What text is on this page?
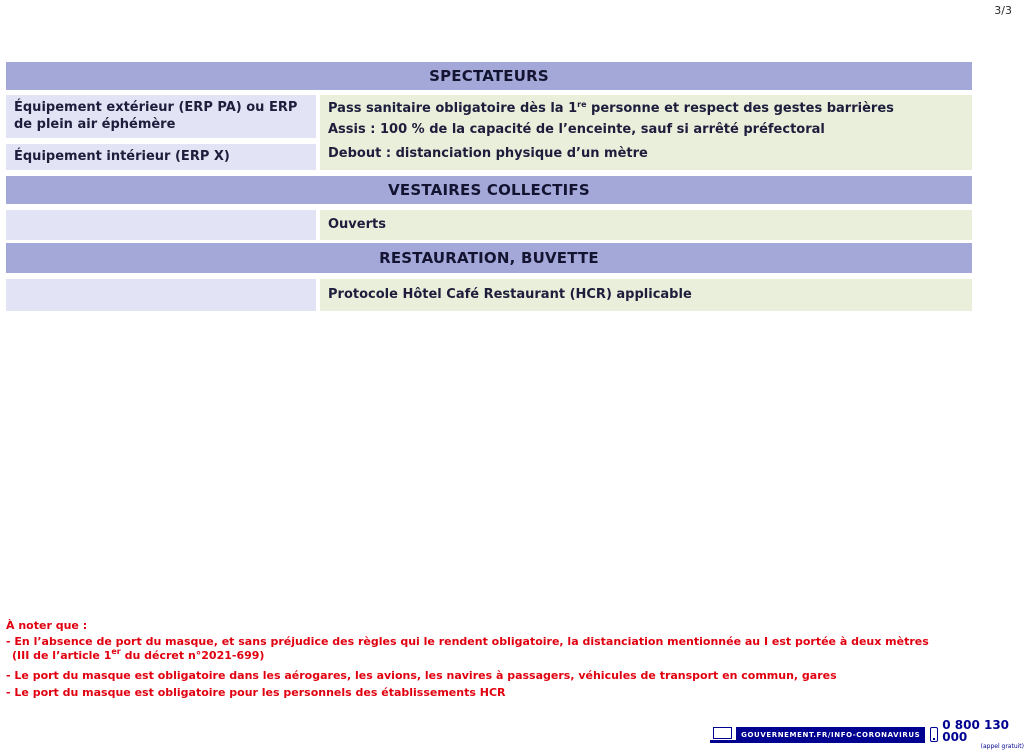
3/3
SPECTATEURS
Équipement extérieur (ERP PA) ou ERP de plein air éphémère
Équipement intérieur (ERP X)
Pass sanitaire obligatoire dès la 1re personne et respect des gestes barrières
Assis : 100 % de la capacité de l’enceinte, sauf si arrêté préfectoral
Debout : distanciation physique d’un mètre
VESTAIRES COLLECTIFS
Ouverts
RESTAURATION, BUVETTE
Protocole Hôtel Café Restaurant (HCR) applicable
À noter que :
- En l’absence de port du masque, et sans préjudice des règles qui le rendent obligatoire, la distanciation mentionnée au I est portée à deux mètres
(III de l’article 1er du décret n°2021-699)
- Le port du masque est obligatoire dans les aérogares, les avions, les navires à passagers, véhicules de transport en commun, gares
- Le port du masque est obligatoire pour les personnels des établissements HCR
GOUVERNEMENT.FR/INFO-CORONAVIRUS
0 800 130 000
(appel gratuit)
